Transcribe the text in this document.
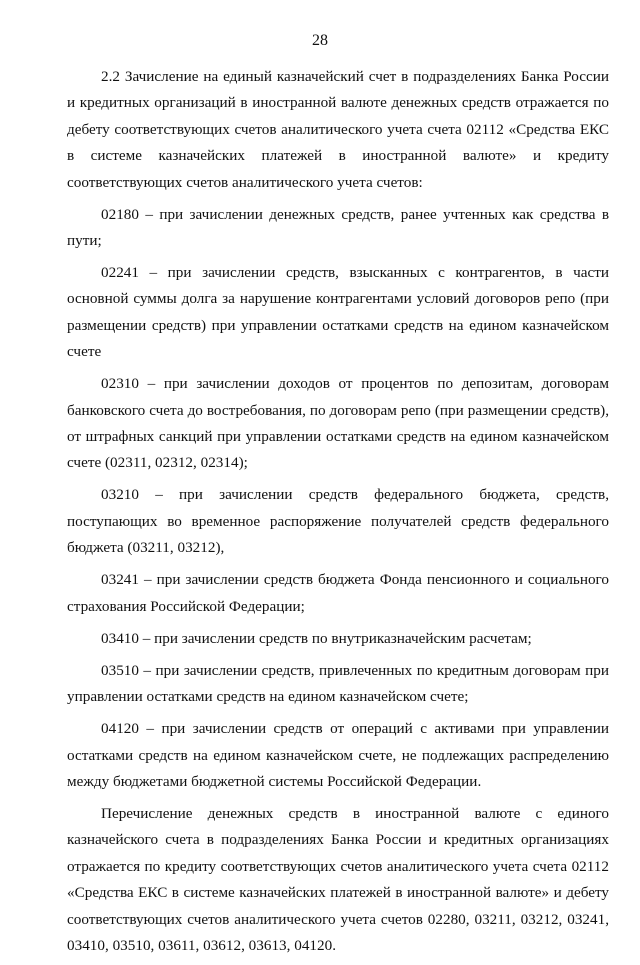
28

2.2 Зачисление на единый казначейский счет в подразделениях Банка России и кредитных организаций в иностранной валюте денежных средств отражается по дебету соответствующих счетов аналитического учета счета 02112 «Средства ЕКС в системе казначейских платежей в иностранной валюте» и кредиту соответствующих счетов аналитического учета счетов:

02180 – при зачислении денежных средств, ранее учтенных как средства в пути;

02241 – при зачислении средств, взысканных с контрагентов, в части основной суммы долга за нарушение контрагентами условий договоров репо (при размещении средств) при управлении остатками средств на едином казначейском счете

02310 – при зачислении доходов от процентов по депозитам, договорам банковского счета до востребования, по договорам репо (при размещении средств), от штрафных санкций при управлении остатками средств на едином казначейском счете (02311, 02312, 02314);

03210 – при зачислении средств федерального бюджета, средств, поступающих во временное распоряжение получателей средств федерального бюджета (03211, 03212),

03241 – при зачислении средств бюджета Фонда пенсионного и социального страхования Российской Федерации;

03410 – при зачислении средств по внутриказначейским расчетам;

03510 – при зачислении средств, привлеченных по кредитным договорам при управлении остатками средств на едином казначейском счете;

04120 – при зачислении средств от операций с активами при управлении остатками средств на едином казначейском счете, не подлежащих распределению между бюджетами бюджетной системы Российской Федерации.

Перечисление денежных средств в иностранной валюте с единого казначейского счета в подразделениях Банка России и кредитных организациях отражается по кредиту соответствующих счетов аналитического учета счета 02112 «Средства ЕКС в системе казначейских платежей в иностранной валюте» и дебету соответствующих счетов аналитического учета счетов 02280, 03211, 03212, 03241, 03410, 03510, 03611, 03612, 03613, 04120.
